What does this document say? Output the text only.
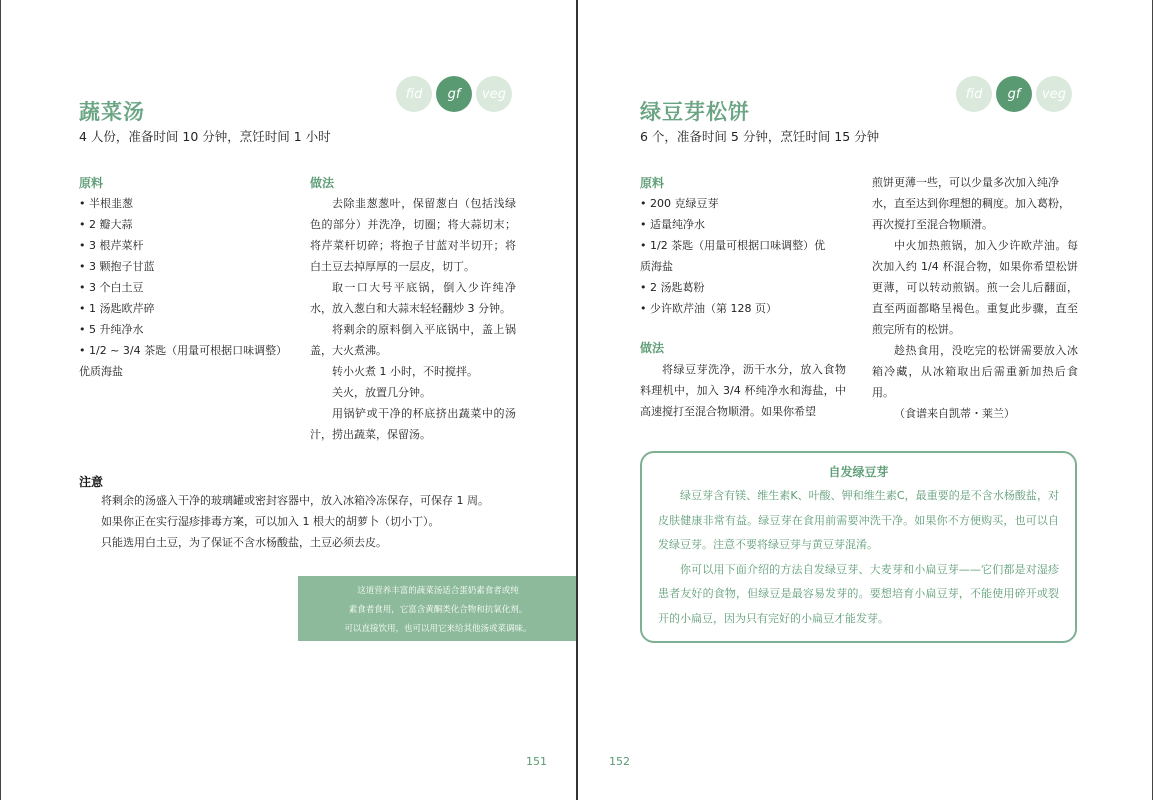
fid	gf	veg
蔬菜汤
4 人份，准备时间 10 分钟，烹饪时间 1 小时
原料
• 半根韭葱
• 2 瓣大蒜
• 3 根芹菜杆
• 3 颗抱子甘蓝
• 3 个白土豆
• 1 汤匙欧芹碎
• 5 升纯净水
• 1/2 ~ 3/4 茶匙（用量可根据口味调整）
优质海盐
做法

去除韭葱葱叶，保留葱白（包括浅绿色的部分）并洗净，切圈；将大蒜切末；将芹菜杆切碎；将抱子甘蓝对半切开；将白土豆去掉厚厚的一层皮，切丁。

取一口大号平底锅，倒入少许纯净水，放入葱白和大蒜末轻轻翻炒 3 分钟。

将剩余的原料倒入平底锅中，盖上锅盖，大火煮沸。

转小火煮 1 小时，不时搅拌。

关火，放置几分钟。

用锅铲或干净的杯底挤出蔬菜中的汤汁，捞出蔬菜，保留汤。

注意

将剩余的汤盛入干净的玻璃罐或密封容器中，放入冰箱冷冻保存，可保存 1 周。

如果你正在实行湿疹排毒方案，可以加入 1 根大的胡萝卜（切小丁）。

只能选用白土豆，为了保证不含水杨酸盐，土豆必须去皮。

这道营养丰富的蔬菜汤适合蛋奶素食者或纯

素食者食用，它富含黄酮类化合物和抗氧化剂。

可以直接饮用，也可以用它来给其他汤或菜调味。

151
fid	gf	veg
绿豆芽松饼
6 个，准备时间 5 分钟，烹饪时间 15 分钟
原料
• 200 克绿豆芽
• 适量纯净水
• 1/2 茶匙（用量可根据口味调整）优
质海盐
• 2 汤匙葛粉
• 少许欧芹油（第 128 页）
做法

将绿豆芽洗净，沥干水分，放入食物料理机中，加入 3/4 杯纯净水和海盐，中高速搅打至混合物顺滑。如果你希望

煎饼更薄一些，可以少量多次加入纯净
水，直至达到你理想的稠度。加入葛粉，
再次搅打至混合物顺滑。

中火加热煎锅，加入少许欧芹油。每次加入约 1/4 杯混合物，如果你希望松饼更薄，可以转动煎锅。煎一会儿后翻面，直至两面都略呈褐色。重复此步骤，直至煎完所有的松饼。

趁热食用，没吃完的松饼需要放入冰箱冷藏，从冰箱取出后需重新加热后食用。

（食谱来自凯蒂・莱兰）

自发绿豆芽

绿豆芽含有镁、维生素K、叶酸、钾和维生素C，最重要的是不含水杨酸盐，对皮肤健康非常有益。绿豆芽在食用前需要冲洗干净。如果你不方便购买，也可以自发绿豆芽。注意不要将绿豆芽与黄豆芽混淆。

你可以用下面介绍的方法自发绿豆芽、大麦芽和小扁豆芽——它们都是对湿疹患者友好的食物，但绿豆是最容易发芽的。要想培育小扁豆芽，不能使用碎开或裂开的小扁豆，因为只有完好的小扁豆才能发芽。

152
